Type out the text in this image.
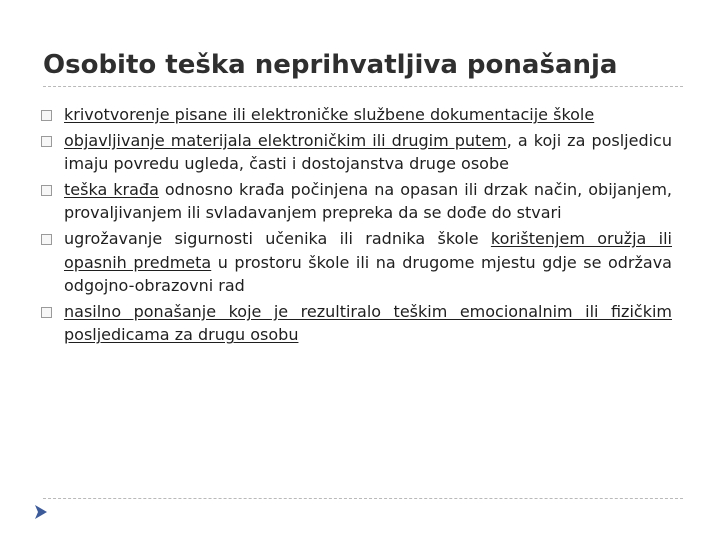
Osobito teška neprihvatljiva ponašanja

krivotvorenje pisane ili elektroničke službene dokumentacije škole

objavljivanje materijala elektroničkim ili drugim putem, a koji za posljedicu imaju povredu ugleda, časti i dostojanstva druge osobe

teška krađa odnosno krađa počinjena na opasan ili drzak način, obijanjem, provaljivanjem ili svladavanjem prepreka da se dođe do stvari

ugrožavanje sigurnosti učenika ili radnika škole korištenjem oružja ili opasnih predmeta u prostoru škole ili na drugome mjestu gdje se održava odgojno-obrazovni rad

nasilno ponašanje koje je rezultiralo teškim emocionalnim ili fizičkim posljedicama za drugu osobu
